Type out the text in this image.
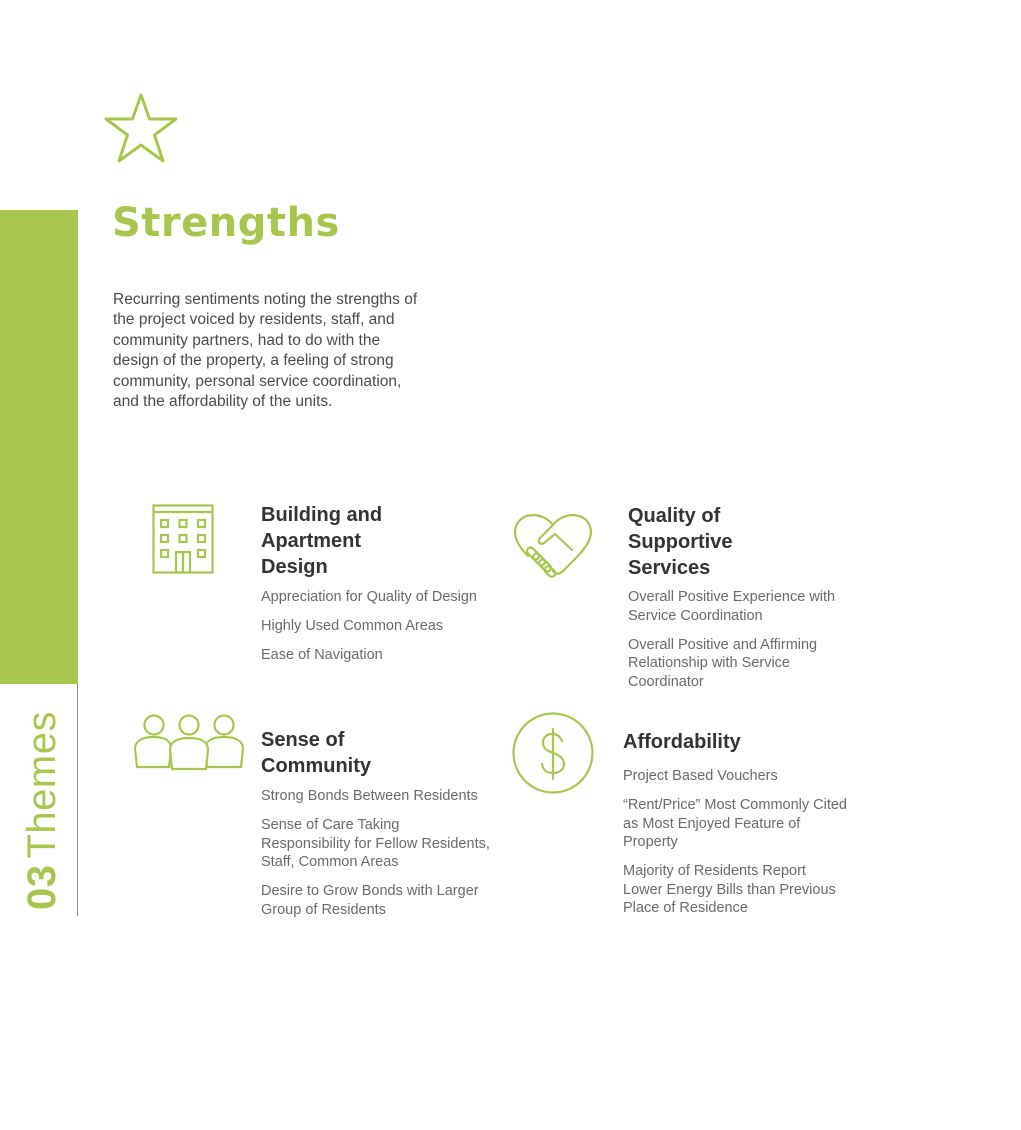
03Themes
Strengths

Recurring sentiments noting the strengths of the project voiced by residents, staff, and community partners, had to do with the design of the property, a feeling of strong community, personal service coordination, and the affordability of the units.

Building and
Apartment
Design
Appreciation for Quality of Design
Highly Used Common Areas
Ease of Navigation
Quality of
Supportive
Services
Overall Positive Experience with Service Coordination
Overall Positive and Affirming Relationship with Service Coordinator
Sense of
Community
Strong Bonds Between Residents
Sense of Care Taking Responsibility for Fellow Residents, Staff, Common Areas
Desire to Grow Bonds with Larger Group of Residents
Affordability
Project Based Vouchers
“Rent/Price” Most Commonly Cited as Most Enjoyed Feature of Property
Majority of Residents Report Lower Energy Bills than Previous Place of Residence
